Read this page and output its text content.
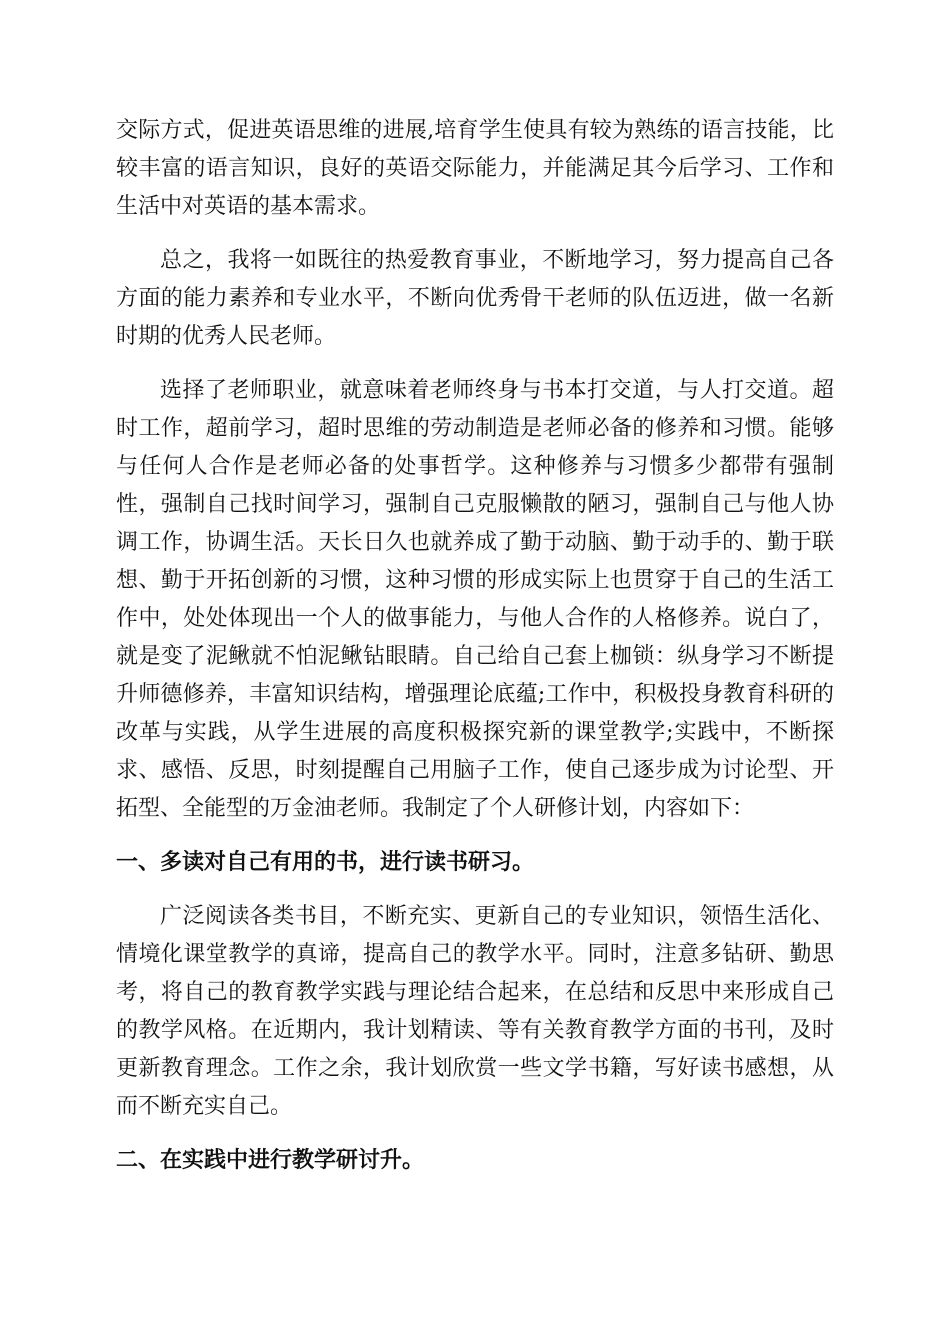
交际方式，促进英语思维的进展,培育学生使具有较为熟练的语言技能，比较丰富的语言知识，良好的英语交际能力，并能满足其今后学习、工作和生活中对英语的基本需求。

总之，我将一如既往的热爱教育事业，不断地学习，努力提高自己各方面的能力素养和专业水平，不断向优秀骨干老师的队伍迈进，做一名新时期的优秀人民老师。

选择了老师职业，就意味着老师终身与书本打交道，与人打交道。超时工作，超前学习，超时思维的劳动制造是老师必备的修养和习惯。能够与任何人合作是老师必备的处事哲学。这种修养与习惯多少都带有强制性，强制自己找时间学习，强制自己克服懒散的陋习，强制自己与他人协调工作，协调生活。天长日久也就养成了勤于动脑、勤于动手的、勤于联想、勤于开拓创新的习惯，这种习惯的形成实际上也贯穿于自己的生活工作中，处处体现出一个人的做事能力，与他人合作的人格修养。说白了，就是变了泥鳅就不怕泥鳅钻眼睛。自己给自己套上枷锁：纵身学习不断提升师德修养，丰富知识结构，增强理论底蕴;工作中，积极投身教育科研的改革与实践，从学生进展的高度积极探究新的课堂教学;实践中，不断探求、感悟、反思，时刻提醒自己用脑子工作，使自己逐步成为讨论型、开拓型、全能型的万金油老师。我制定了个人研修计划，内容如下：

一、多读对自己有用的书，进行读书研习。

广泛阅读各类书目，不断充实、更新自己的专业知识，领悟生活化、情境化课堂教学的真谛，提高自己的教学水平。同时，注意多钻研、勤思考，将自己的教育教学实践与理论结合起来，在总结和反思中来形成自己的教学风格。在近期内，我计划精读、等有关教育教学方面的书刊，及时更新教育理念。工作之余，我计划欣赏一些文学书籍，写好读书感想，从而不断充实自己。

二、在实践中进行教学研讨升。
